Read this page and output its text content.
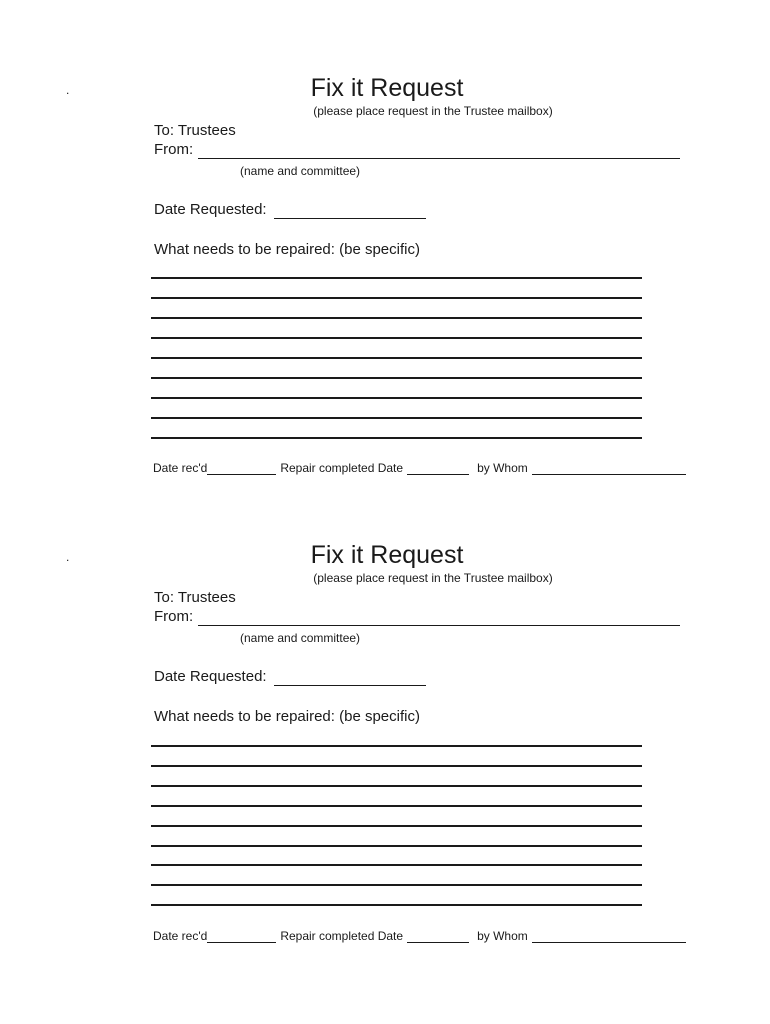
.	Fix it Request
(please place request in the Trustee mailbox)
To: Trustees
From:
(name and committee)
Date Requested:
What needs to be repaired: (be specific)
Date rec'd	Repair completed Date	by Whom
.	Fix it Request
(please place request in the Trustee mailbox)
To: Trustees
From:
(name and committee)
Date Requested:
What needs to be repaired: (be specific)
Date rec'd	Repair completed Date	by Whom
